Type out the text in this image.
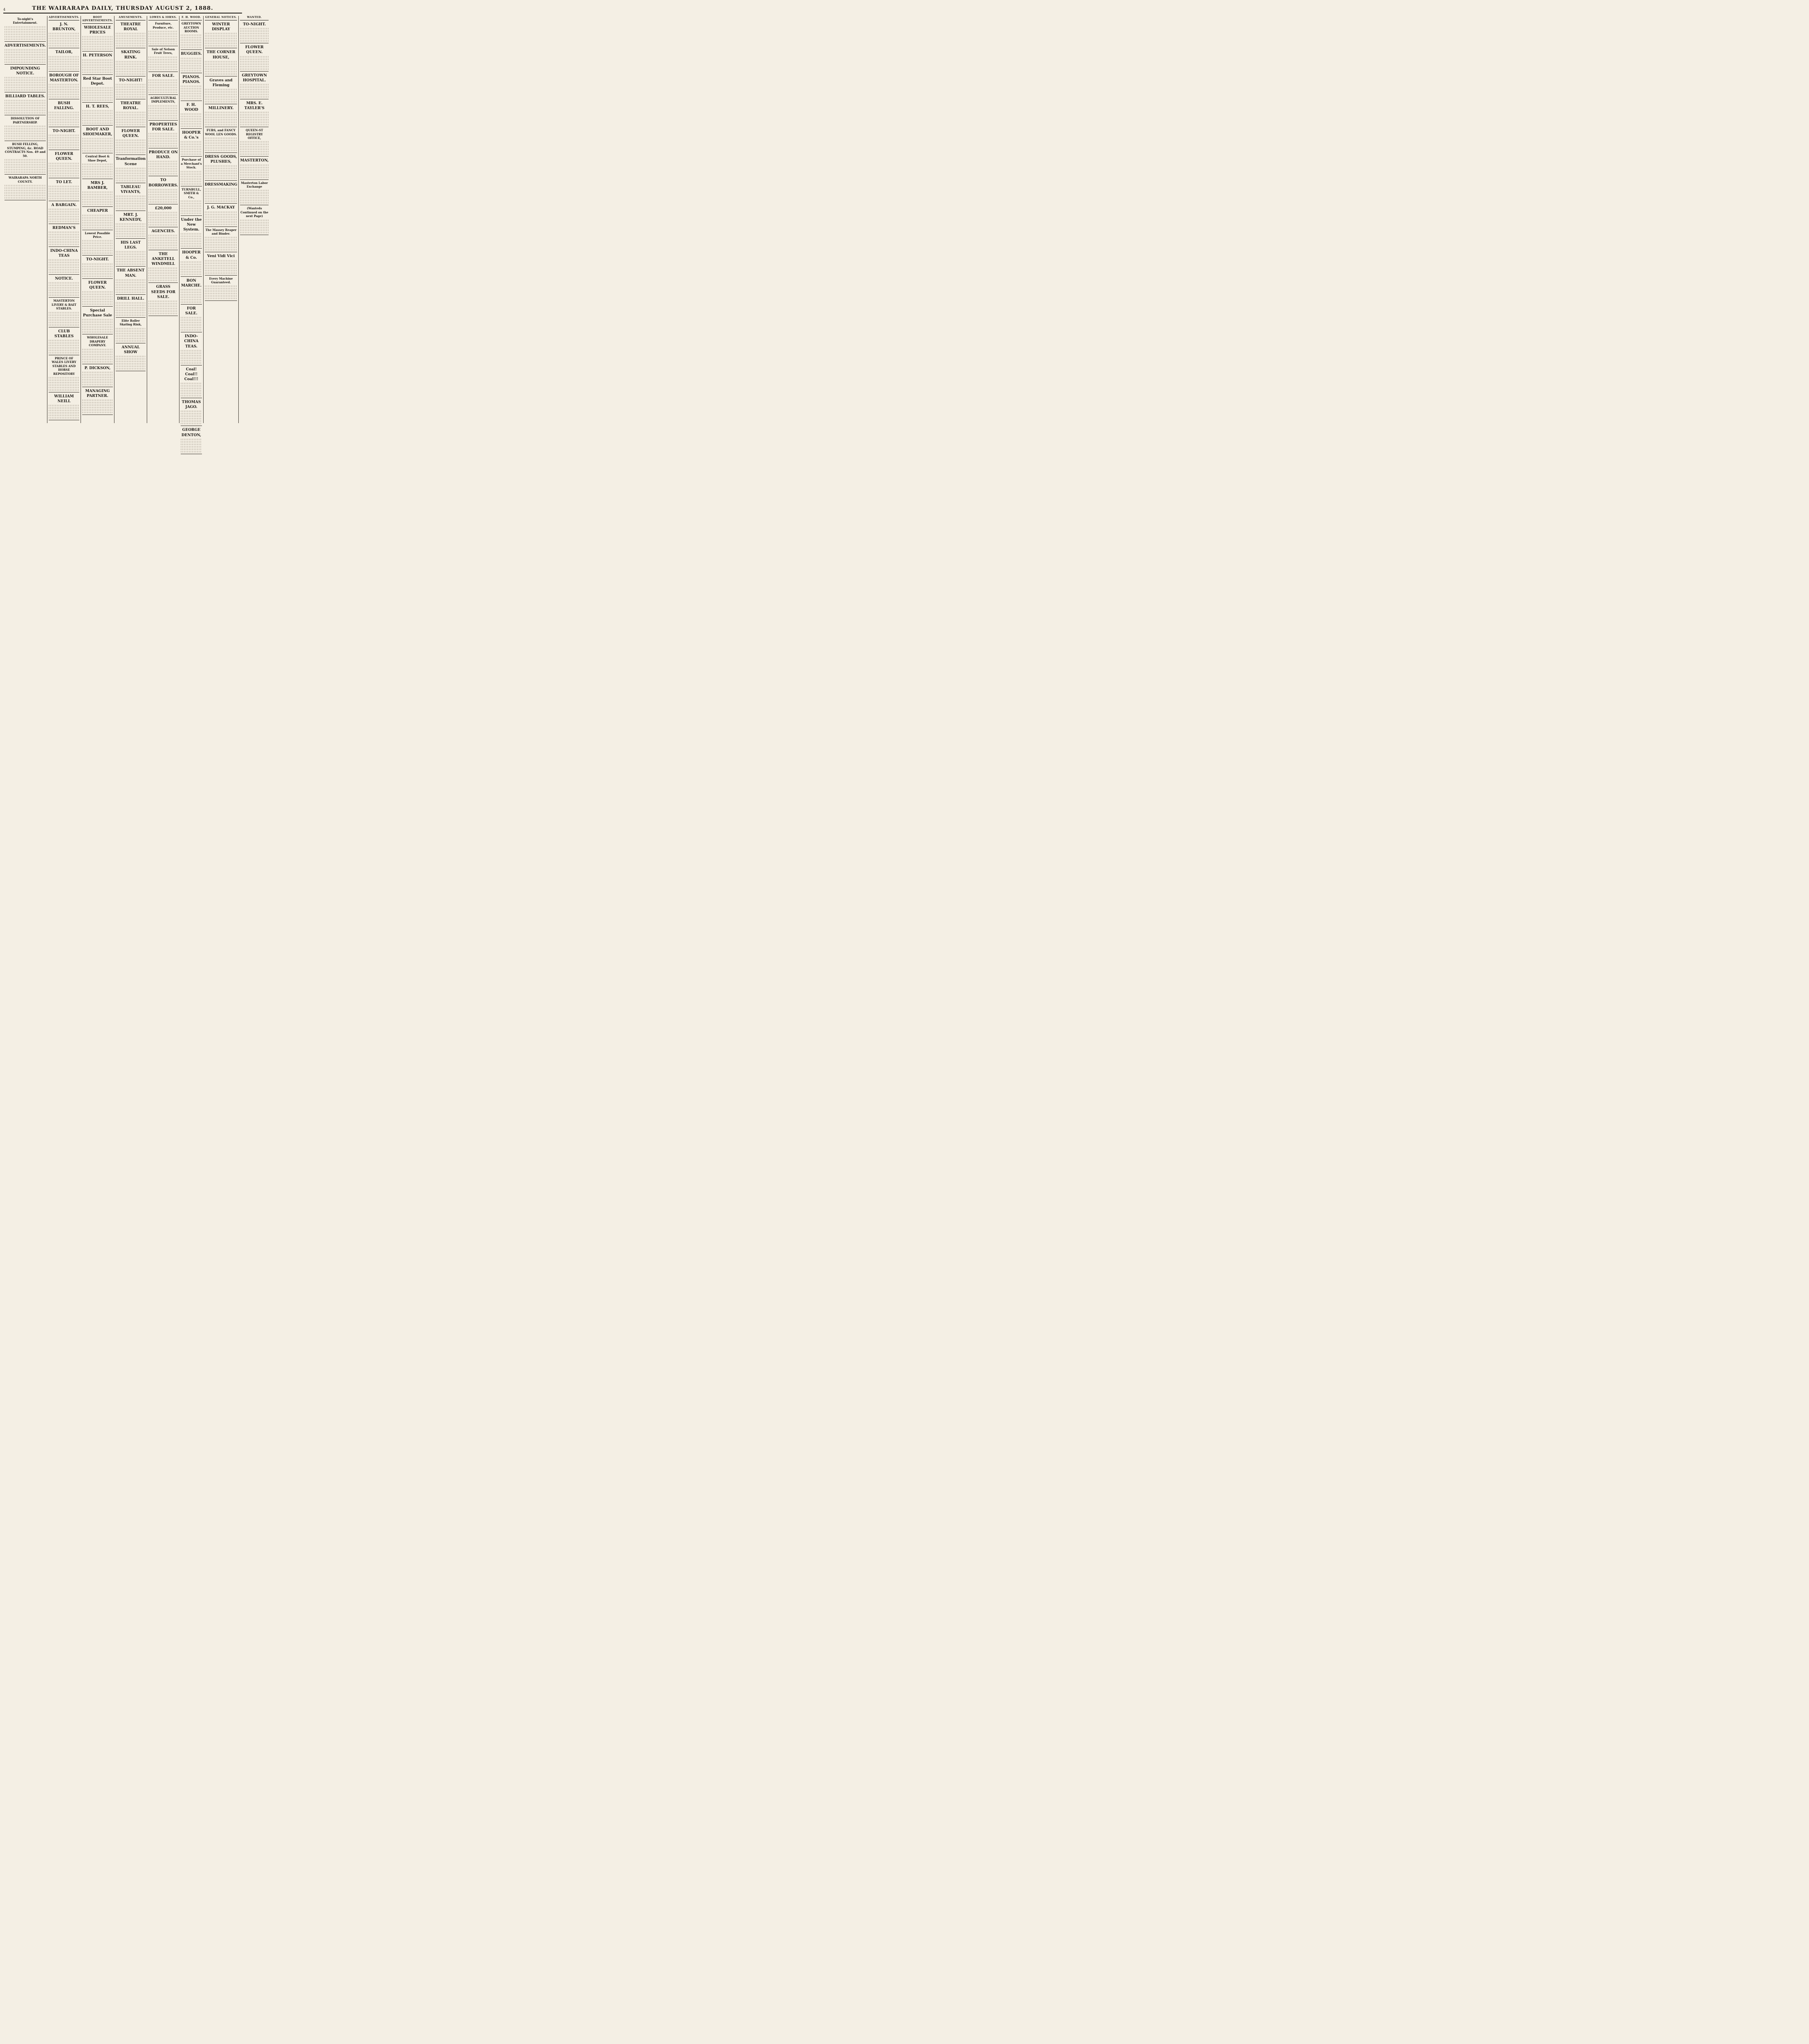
4	THE WAIRARAPA DAILY, THURSDAY AUGUST 2, 1888.
To-night's Entertainment.
ADVERTISEMENTS.
IMPOUNDING NOTICE.
BILLIARD TABLES.
DISSOLUTION OF PARTNERSHIP.
BUSH FELLING, STUMPING, &c. ROAD CONTRACTS Nos. 49 and 50.
WAIRARAPA NORTH COUNTY.
ADVERTISEMENTS.
J. N. BRUNTON,
TAILOR,
BOROUGH OF MASTERTON.
BUSH FALLING.
TO-NIGHT.
FLOWER QUEEN.
TO LET.
A BARGAIN.
REDMAN'S
INDO-CHINA TEAS
NOTICE.
MASTERTON LIVERY & BAIT STABLES.
CLUB STABLES
PRINCE OF WALES LIVERY STABLES AND HORSE REPOSITORY
WILLIAM NEILL
BOOT ADVERTISEMENTS.
WHOLESALE PRICES
H. PETERSON
Red Star Boot Depot.
H. T. REES,
BOOT AND SHOEMAKER,
Central Boot & Shoe Depot,
MRS J. BAMBER,
CHEAPER
Lowest Possible Price.
TO-NIGHT.
FLOWER QUEEN.
Special Purchase Sale
WHOLESALE DRAPERY COMPANY.
P. DICKSON,
MANAGING PARTNER.
AMUSEMENTS.
THEATRE ROYAL
SKATING RINK.
TO-NIGHT!
THEATRE ROYAL.
FLOWER QUEEN.
Tranformation Scene
TABLEAU VIVANTS,
MRT. J. KENNEDY,
HIS LAST LEGS.
THE ABSENT MAN.
DRILL HALL.
Elite Roller Skating Rink,
ANNUAL SHOW
LOWES & IORNS.
Furniture, Produce, etc.
Sale of Nelson Fruit Trees,
FOR SALE.
AGRICULTURAL IMPLEMENTS,
PROPERTIES FOR SALE.
PRODUCE ON HAND.
TO BORROWERS.
£20,000
AGENCIES.
THE ANKETELL WINDMILL
GRASS SEEDS FOR SALE.
F. H. WOOD.
GREYTOWN AUCTION ROOMS.
BUGGIES.
PIANOS. PIANOS.
F. H. WOOD
HOOPER & Co.'s
Purchase of a Merchant's Stock.
TURNBULL, SMITH & Co.,
Under the New System.
HOOPER & Co.
BON MARCHE.
FOR SALE.
INDO-CHINA TEAS.
Coal! Coal!! Coal!!!
THOMAS JAGO.
GEORGE DENTON,
GENERAL NOTICES.
WINTER DISPLAY
THE CORNER HOUSE,
Graves and Fleming
MILLINERY.
FUBS, and FANCY WOOL LEN GOODS.
DRESS GOODS, PLUSHES,
DRESSMAKING
J. G. MACKAY
The Massey Reaper and Binder.
Veni Vidi Vici
Every Machine Guaranteed.
WANTED.
TO-NIGHT.
FLOWER QUEEN.
GREYTOWN HOSPITAL.
MRS. E. TAYLER'S
QUEEN-ST REGISTRY OFFICE,
MASTERTON,
Masterton Labor Exchange
(Wanteds Continued on the next Page)
